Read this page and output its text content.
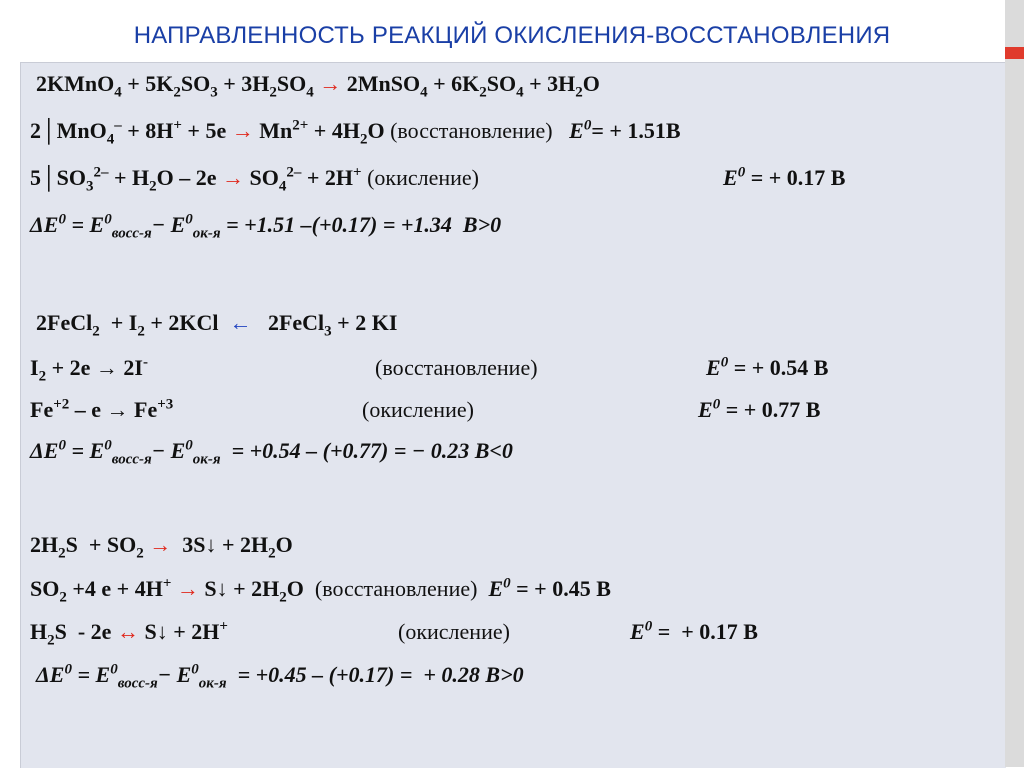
НАПРАВЛЕННОСТЬ РЕАКЦИЙ ОКИСЛЕНИЯ-ВОССТАНОВЛЕНИЯ
2KMnO$_4$ + $5K_2SO_3 + 3H_2SO_4$ → 2MnSO$_4$ + $6K_2SO_4 + 3H_2O$
2│MnO$_4$– + $8H^+ + 5e \to Mn^{2+} + 4H_2O$ (восстановление) $E^0= + 1.51В$
$5│SO_3^{2-} + H_2O - 2e \to SO_4^{2-} + 2H^+$ (окисление)	$E^0$ = + 0.17 В
$\Delta E^0 = E^0_{восс-я}- E^0_{ок-я} = +1.51$ –(+0.17) = +1.34  В>0
2FeCl$_2$  + $I_2 + 2KCl$  ←   2FeCl$_3$ + 2 KI
$I_2 + 2e \to 2I^-$	(восстановление)	$E^0$ = + 0.54 В
$Fe^{+2} - e \to Fe^{+3}$	(окисление)	$E^0$ = + 0.77 В
$\Delta E^0 = E^0_{восс-я}- E^0_{ок-я} = +0.54 - (+0.77)$ = − 0.23 В<0
$2H_2S + SO_2$ →  3S↓ + $2H_2O$
$SO_2 +4$ e + 4H+ → S↓ + $2H_2O$  (восстановление) $E^0$ = + 0.45 В
$H_2S - 2e$ ↔ S↓ + 2H+	(окисление)	$E^0$ =  + 0.17 В
$\Delta E^0 = E^0_{восс-я}- E^0_{ок-я} = +0.45 - (+0.17)$ =  + 0.28 В>0
